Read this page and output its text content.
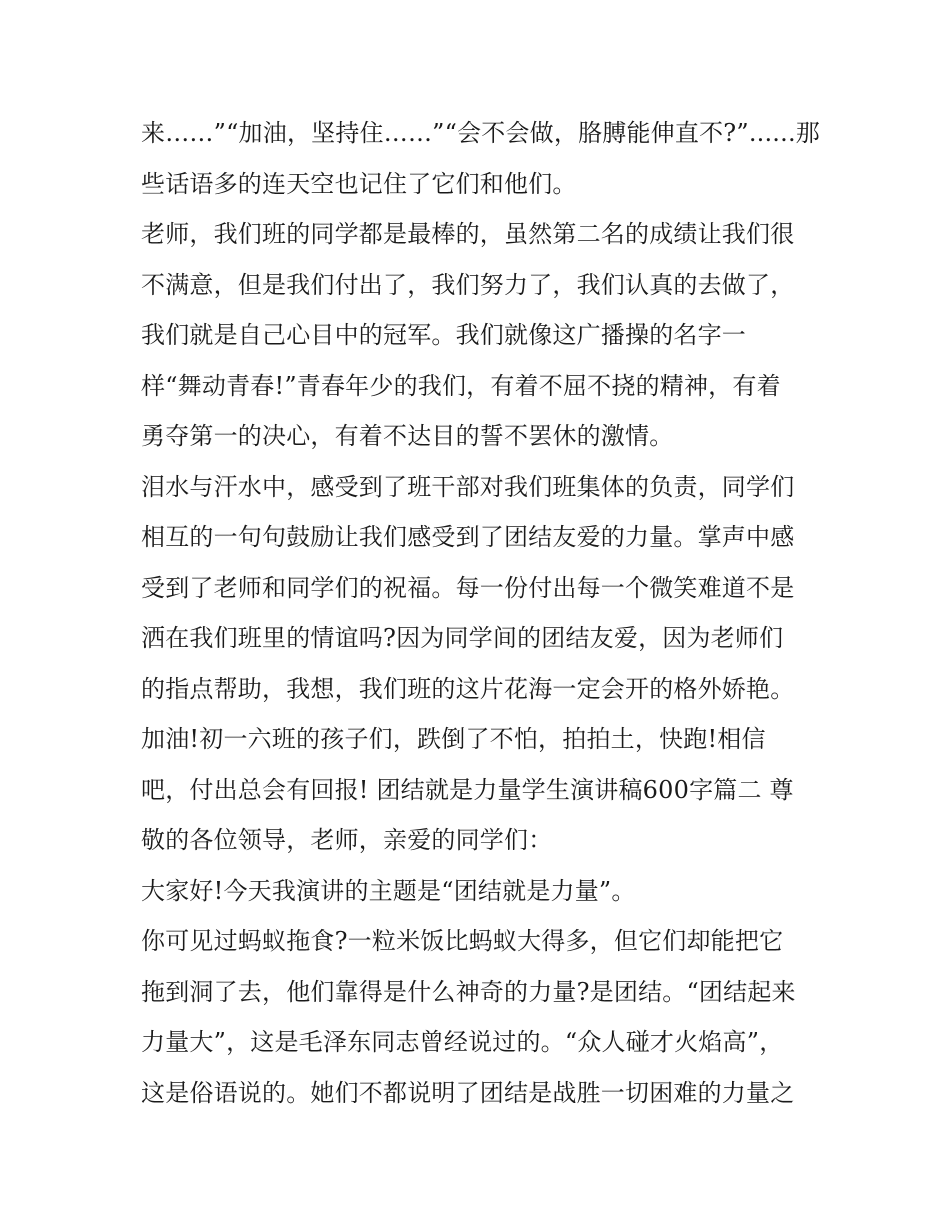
来……”“加油，坚持住……”“会不会做，胳膊能伸直不?”......那
些话语多的连天空也记住了它们和他们。
老师，我们班的同学都是最棒的，虽然第二名的成绩让我们很
不满意，但是我们付出了，我们努力了，我们认真的去做了，
我们就是自己心目中的冠军。我们就像这广播操的名字一
样“舞动青春!”青春年少的我们，有着不屈不挠的精神，有着
勇夺第一的决心，有着不达目的誓不罢休的激情。
泪水与汗水中，感受到了班干部对我们班集体的负责，同学们
相互的一句句鼓励让我们感受到了团结友爱的力量。掌声中感
受到了老师和同学们的祝福。每一份付出每一个微笑难道不是
洒在我们班里的情谊吗?因为同学间的团结友爱，因为老师们
的指点帮助，我想，我们班的这片花海一定会开的格外娇艳。
加油!初一六班的孩子们，跌倒了不怕，拍拍土，快跑!相信
吧，付出总会有回报! 团结就是力量学生演讲稿600字篇二 尊
敬的各位领导，老师，亲爱的同学们：
大家好!今天我演讲的主题是“团结就是力量”。
你可见过蚂蚁拖食?一粒米饭比蚂蚁大得多，但它们却能把它
拖到洞了去，他们靠得是什么神奇的力量?是团结。“团结起来
力量大”，这是毛泽东同志曾经说过的。“众人碰才火焰高”，
这是俗语说的。她们不都说明了团结是战胜一切困难的力量之
